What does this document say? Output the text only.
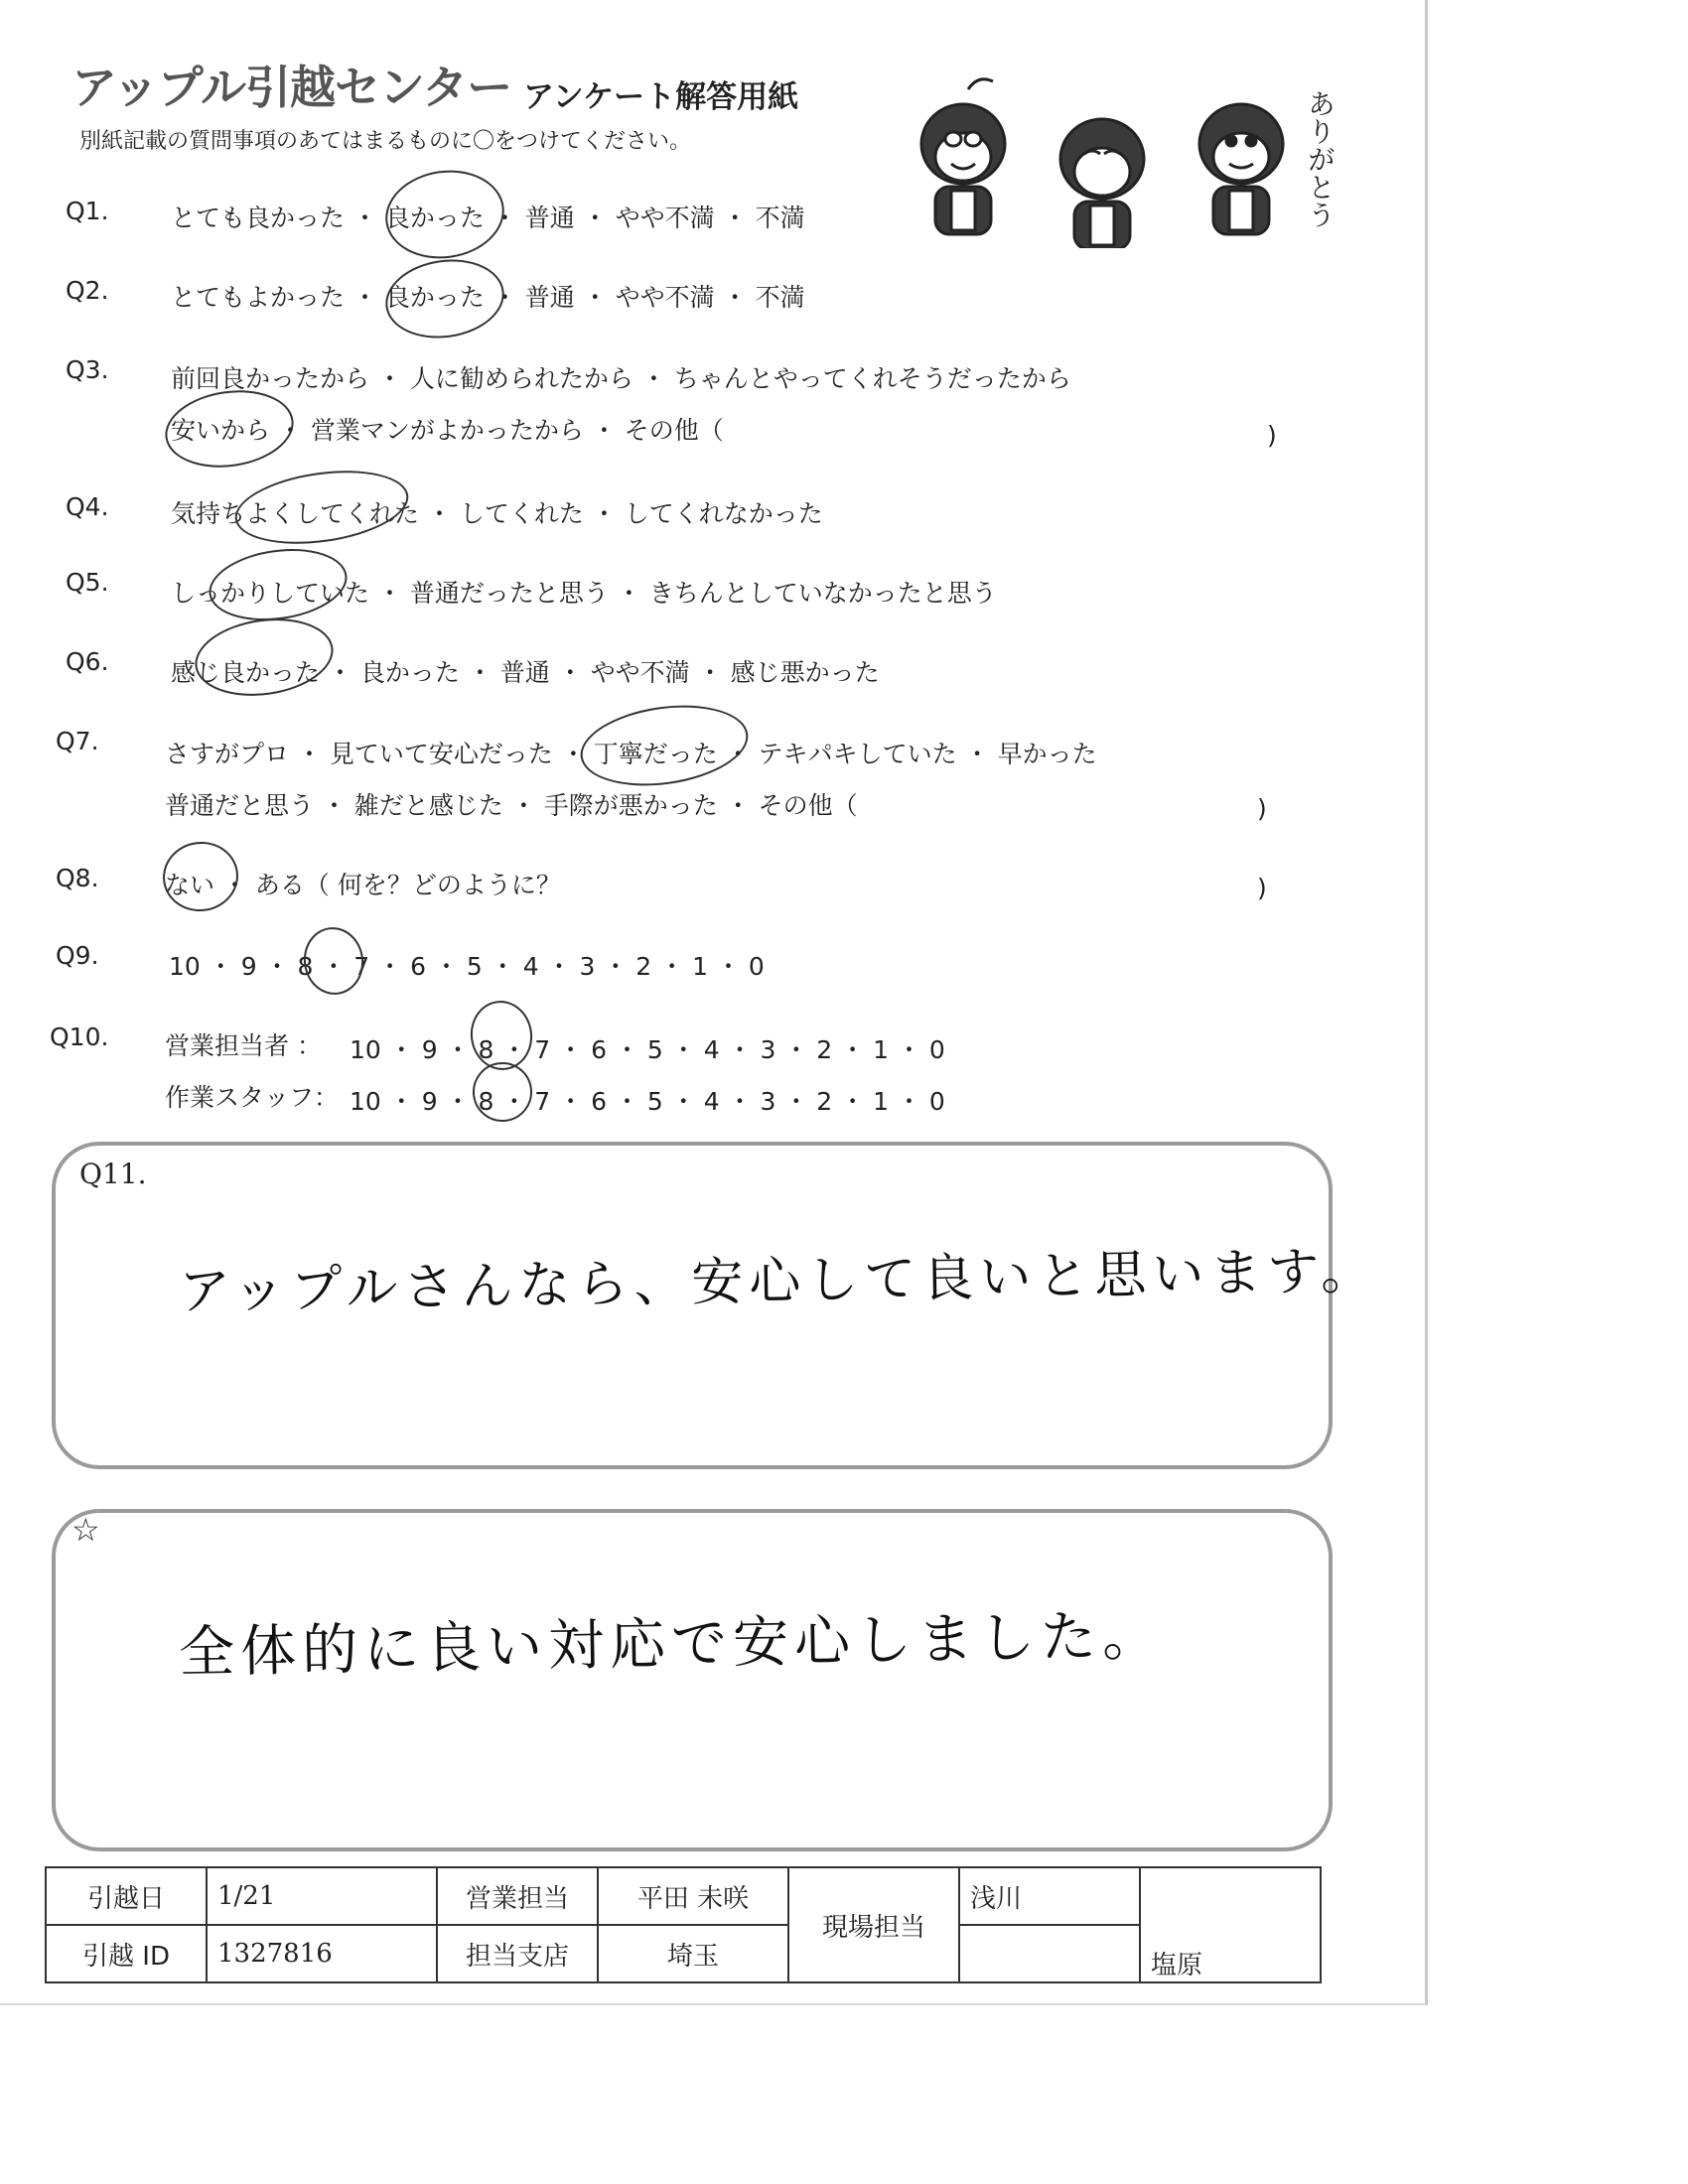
アップル引越センター アンケート解答用紙
別紙記載の質問事項のあてはまるものに〇をつけてください。	ありがとう
Q1. とても良かった ・ 良かった ・ 普通 ・ やや不満 ・ 不満
Q2. とてもよかった ・ 良かった ・ 普通 ・ やや不満 ・ 不満
Q3. 前回良かったから ・ 人に勧められたから ・ ちゃんとやってくれそうだったから
安いから ・ 営業マンがよかったから ・ その他（	)
Q4. 気持ちよくしてくれた ・ してくれた ・ してくれなかった
Q5. しっかりしていた ・ 普通だったと思う ・ きちんとしていなかったと思う
Q6. 感じ良かった ・ 良かった ・ 普通 ・ やや不満 ・ 感じ悪かった
Q7.	さすがプロ ・ 見ていて安心だった ・ 丁寧だった ・ テキパキしていた ・ 早かった
普通だと思う ・ 雑だと感じた ・ 手際が悪かった ・ その他（	)
Q8.	ない ・ ある（ 何を？どのように？	)
Q9.	10 ・ 9 ・ 8 ・ 7 ・ 6 ・ 5 ・ 4 ・ 3 ・ 2 ・ 1 ・ 0
Q10. 営業担当者 ： 10 ・ 9 ・ 8 ・ 7 ・ 6 ・ 5 ・ 4 ・ 3 ・ 2 ・ 1 ・ 0
作業スタッフ： 10 ・ 9 ・ 8 ・ 7 ・ 6 ・ 5 ・ 4 ・ 3 ・ 2 ・ 1 ・ 0
Q11.
アップルさんなら、安心して良いと思います。
☆
全体的に良い対応で安心しました。
引越日	1/21	営業担当	平田 未咲	現場担当	浅川	塩原
引越 ID	1327816	担当支店	埼玉			
